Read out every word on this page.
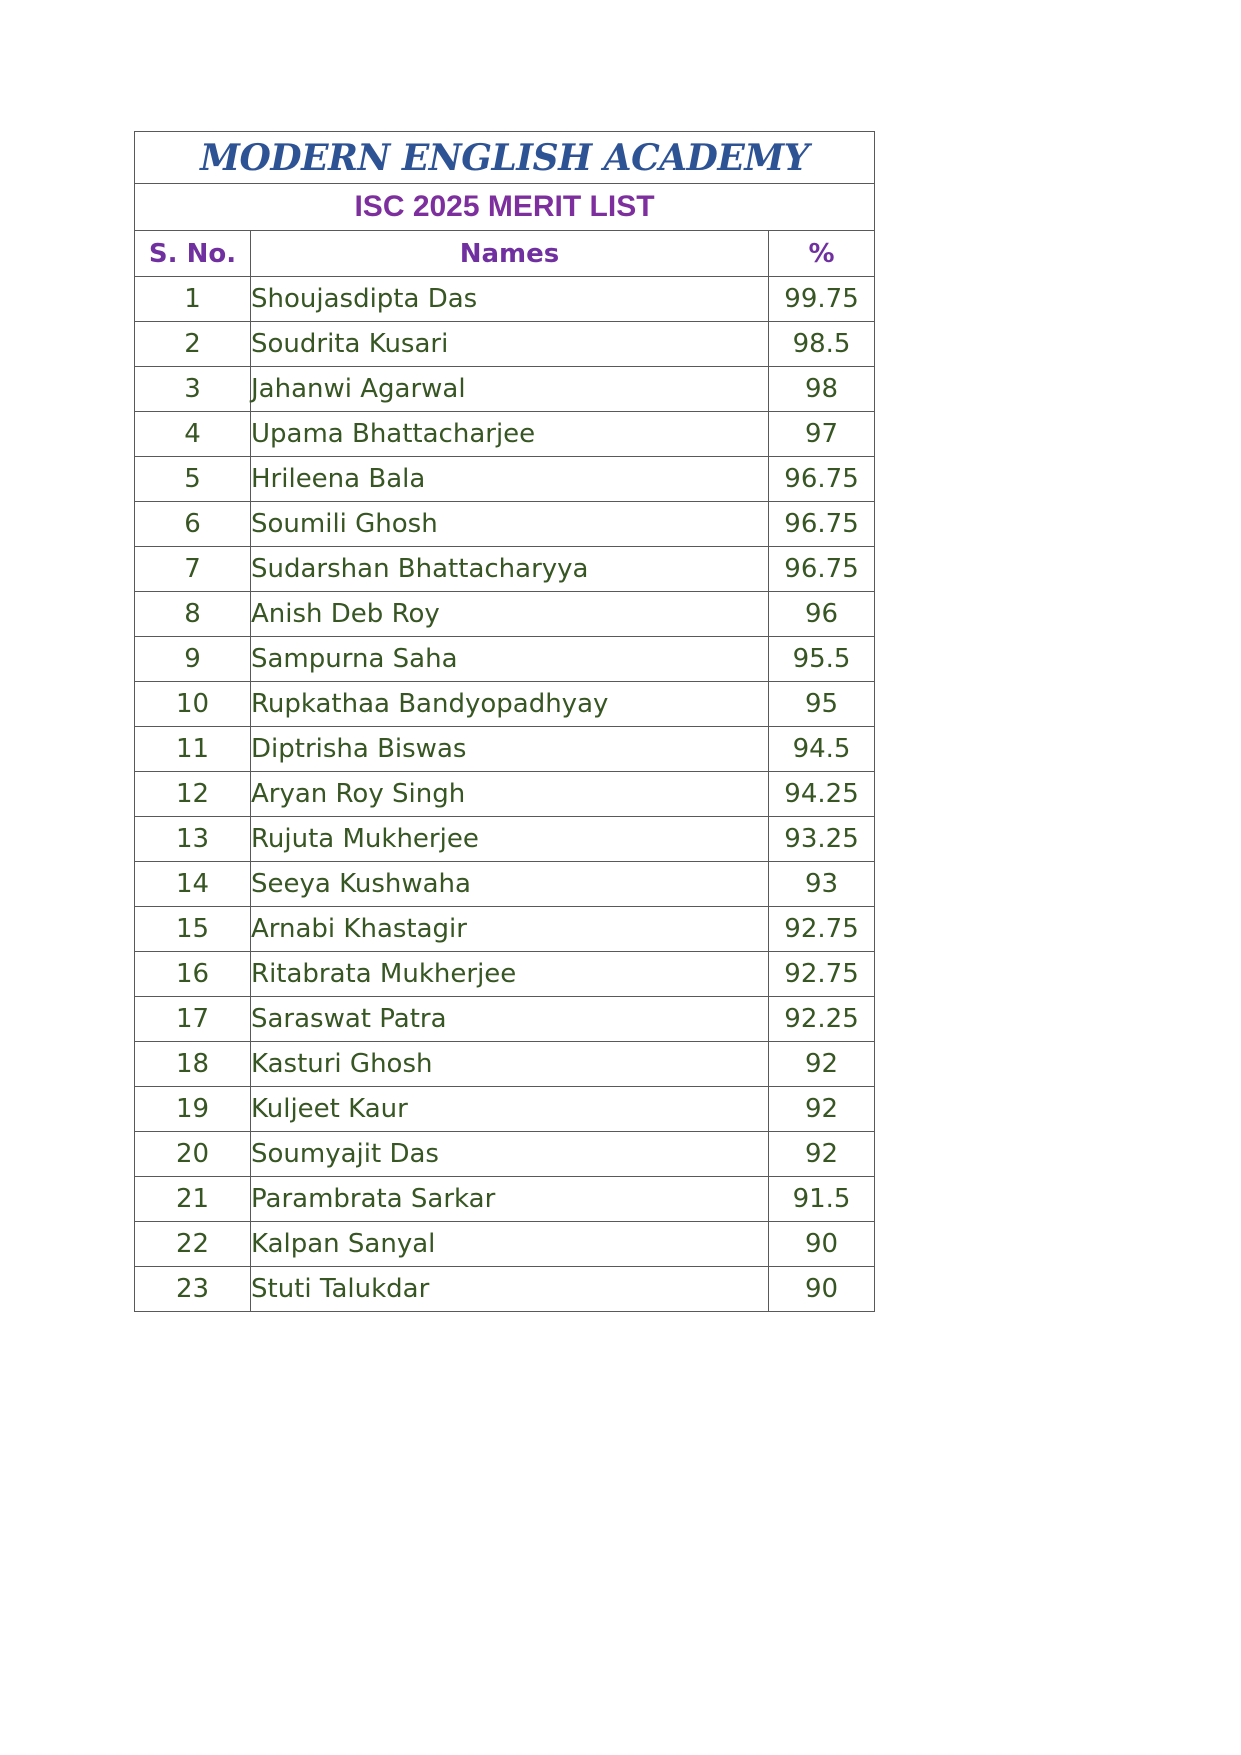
MODERN ENGLISH ACADEMY		
ISC 2025 MERIT LIST		
S. No.	Names	%
1	Shoujasdipta Das	99.75
2	Soudrita Kusari	98.5
3	Jahanwi Agarwal	98
4	Upama Bhattacharjee	97
5	Hrileena Bala	96.75
6	Soumili Ghosh	96.75
7	Sudarshan Bhattacharyya	96.75
8	Anish Deb Roy	96
9	Sampurna Saha	95.5
10	Rupkathaa Bandyopadhyay	95
11	Diptrisha Biswas	94.5
12	Aryan Roy Singh	94.25
13	Rujuta Mukherjee	93.25
14	Seeya Kushwaha	93
15	Arnabi Khastagir	92.75
16	Ritabrata Mukherjee	92.75
17	Saraswat Patra	92.25
18	Kasturi Ghosh	92
19	Kuljeet Kaur	92
20	Soumyajit Das	92
21	Parambrata Sarkar	91.5
22	Kalpan Sanyal	90
23	Stuti Talukdar	90
